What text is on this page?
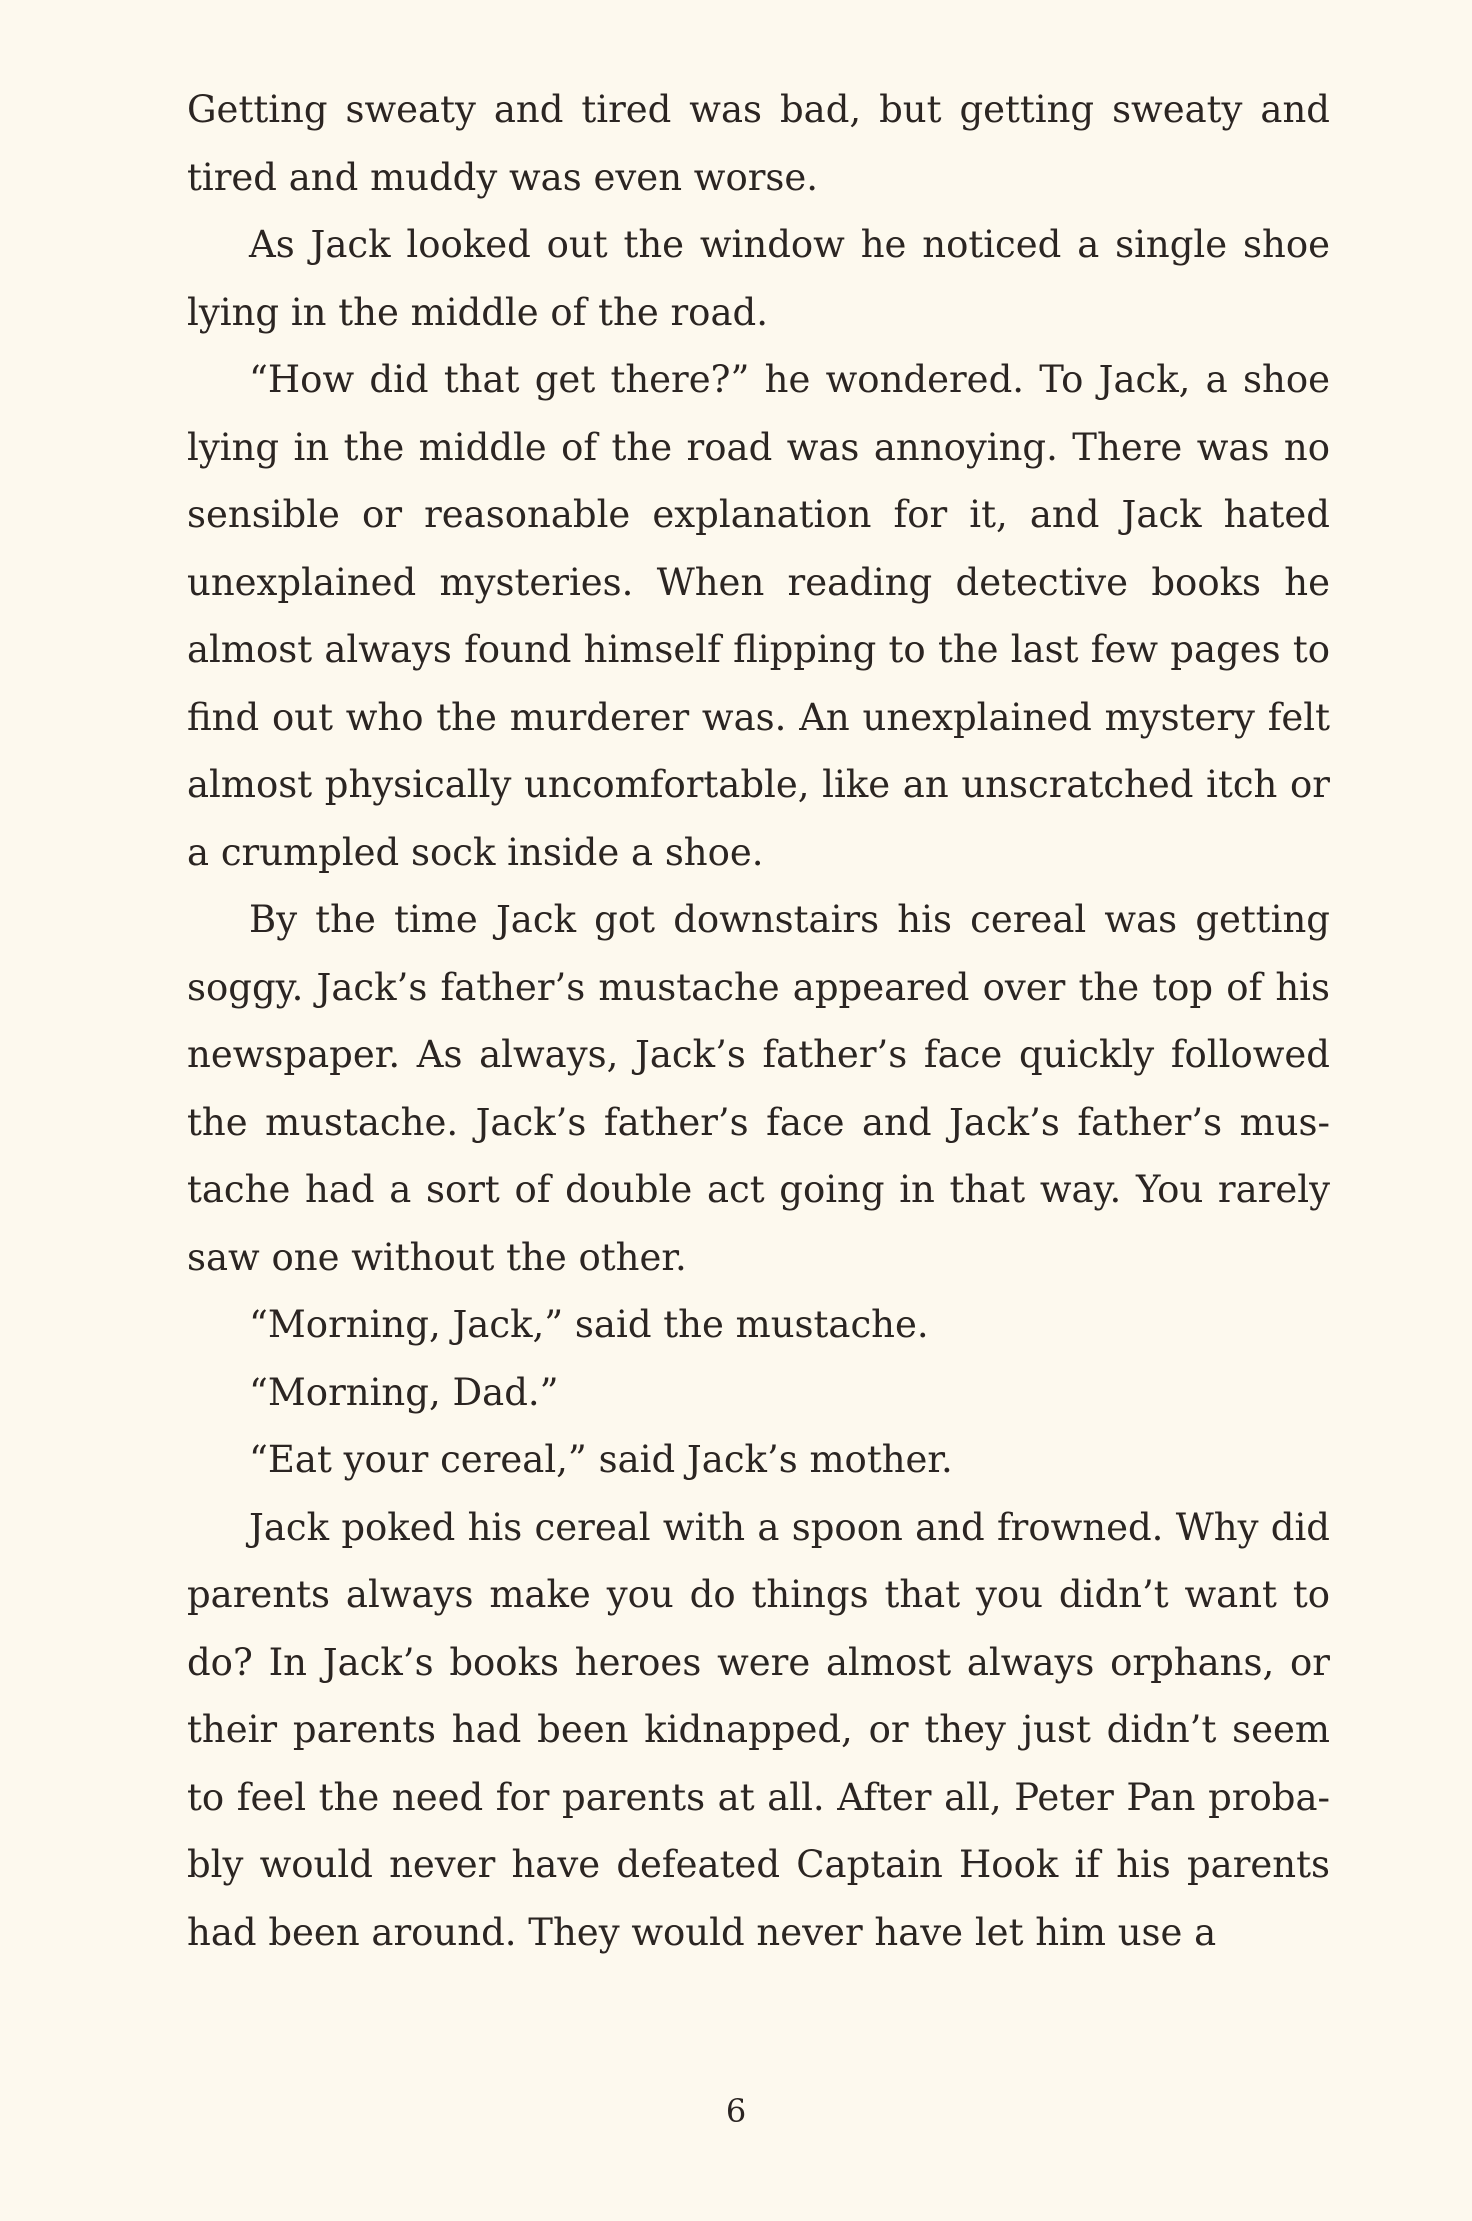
Getting sweaty and tired was bad, but getting sweaty and tired and muddy was even worse.

As Jack looked out the window he noticed a single shoe lying in the middle of the road.

“How did that get there?” he wondered. To Jack, a shoe lying in the middle of the road was annoying. There was no sensible or reasonable explanation for it, and Jack hated unexplained mysteries. When reading detective books he almost always found himself flipping to the last few pages to find out who the murderer was. An unexplained mystery felt almost physically uncomfortable, like an unscratched itch or a crumpled sock inside a shoe.

By the time Jack got downstairs his cereal was getting soggy. Jack’s father’s mustache appeared over the top of his newspaper. As always, Jack’s father’s face quickly followed the mustache. Jack’s father’s face and Jack’s father’s mus-tache had a sort of double act going in that way. You rarely saw one without the other.

“Morning, Jack,” said the mustache.

“Morning, Dad.”

“Eat your cereal,” said Jack’s mother.

Jack poked his cereal with a spoon and frowned. Why did parents always make you do things that you didn’t want to do? In Jack’s books heroes were almost always orphans, or their parents had been kidnapped, or they just didn’t seem to feel the need for parents at all. After all, Peter Pan proba-bly would never have defeated Captain Hook if his parents had been around. They would never have let him use a

6
